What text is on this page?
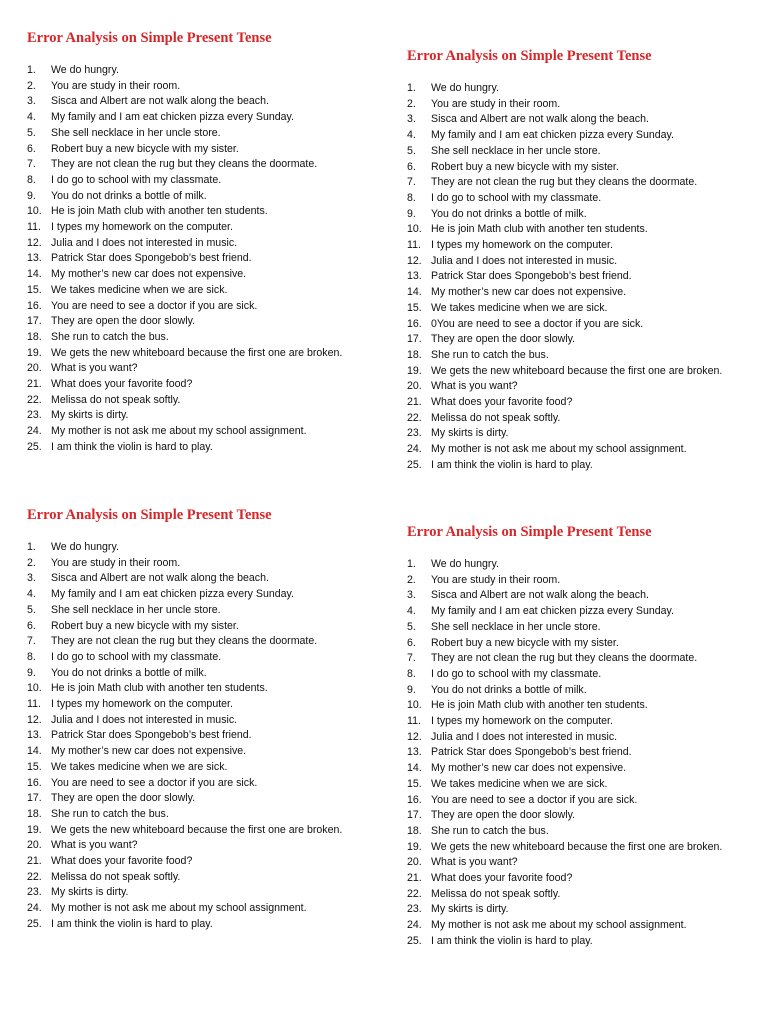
Error Analysis on Simple Present Tense
1.	We do hungry.
2.	You are study in their room.
3.	Sisca and Albert are not walk along the beach.
4.	My family and I am eat chicken pizza every Sunday.
5.	She sell necklace in her uncle store.
6.	Robert buy a new bicycle with my sister.
7.	They are not clean the rug but they cleans the doormate.
8.	I do go to school with my classmate.
9.	You do not drinks a bottle of milk.
10. He is join Math club with another ten students.
11. I types my homework on the computer.
12. Julia and I does not interested in music.
13. Patrick Star does Spongebob’s best friend.
14. My mother’s new car does not expensive.
15. We takes medicine when we are sick.
16. You are need to see a doctor if you are sick.
17. They are open the door slowly.
18. She run to catch the bus.
19. We gets the new whiteboard because the first one are broken.
20. What is you want?
21. What does your favorite food?
22. Melissa do not speak softly.
23. My skirts is dirty.
24. My mother is not ask me about my school assignment.
25. I am think the violin is hard to play.
Error Analysis on Simple Present Tense
1.	We do hungry.
2.	You are study in their room.
3.	Sisca and Albert are not walk along the beach.
4.	My family and I am eat chicken pizza every Sunday.
5.	She sell necklace in her uncle store.
6.	Robert buy a new bicycle with my sister.
7.	They are not clean the rug but they cleans the doormate.
8.	I do go to school with my classmate.
9.	You do not drinks a bottle of milk.
10. He is join Math club with another ten students.
11. I types my homework on the computer.
12. Julia and I does not interested in music.
13. Patrick Star does Spongebob’s best friend.
14. My mother’s new car does not expensive.
15. We takes medicine when we are sick.
16. 0You are need to see a doctor if you are sick.
17. They are open the door slowly.
18. She run to catch the bus.
19. We gets the new whiteboard because the first one are broken.
20. What is you want?
21. What does your favorite food?
22. Melissa do not speak softly.
23. My skirts is dirty.
24. My mother is not ask me about my school assignment.
25. I am think the violin is hard to play.
Error Analysis on Simple Present Tense
1.	We do hungry.
2.	You are study in their room.
3.	Sisca and Albert are not walk along the beach.
4.	My family and I am eat chicken pizza every Sunday.
5.	She sell necklace in her uncle store.
6.	Robert buy a new bicycle with my sister.
7.	They are not clean the rug but they cleans the doormate.
8.	I do go to school with my classmate.
9.	You do not drinks a bottle of milk.
10. He is join Math club with another ten students.
11. I types my homework on the computer.
12. Julia and I does not interested in music.
13. Patrick Star does Spongebob’s best friend.
14. My mother’s new car does not expensive.
15. We takes medicine when we are sick.
16. You are need to see a doctor if you are sick.
17. They are open the door slowly.
18. She run to catch the bus.
19. We gets the new whiteboard because the first one are broken.
20. What is you want?
21. What does your favorite food?
22. Melissa do not speak softly.
23. My skirts is dirty.
24. My mother is not ask me about my school assignment.
25. I am think the violin is hard to play.
Error Analysis on Simple Present Tense
1.	We do hungry.
2.	You are study in their room.
3.	Sisca and Albert are not walk along the beach.
4.	My family and I am eat chicken pizza every Sunday.
5.	She sell necklace in her uncle store.
6.	Robert buy a new bicycle with my sister.
7.	They are not clean the rug but they cleans the doormate.
8.	I do go to school with my classmate.
9.	You do not drinks a bottle of milk.
10. He is join Math club with another ten students.
11. I types my homework on the computer.
12. Julia and I does not interested in music.
13. Patrick Star does Spongebob’s best friend.
14. My mother’s new car does not expensive.
15. We takes medicine when we are sick.
16. You are need to see a doctor if you are sick.
17. They are open the door slowly.
18. She run to catch the bus.
19. We gets the new whiteboard because the first one are broken.
20. What is you want?
21. What does your favorite food?
22. Melissa do not speak softly.
23. My skirts is dirty.
24. My mother is not ask me about my school assignment.
25. I am think the violin is hard to play.
